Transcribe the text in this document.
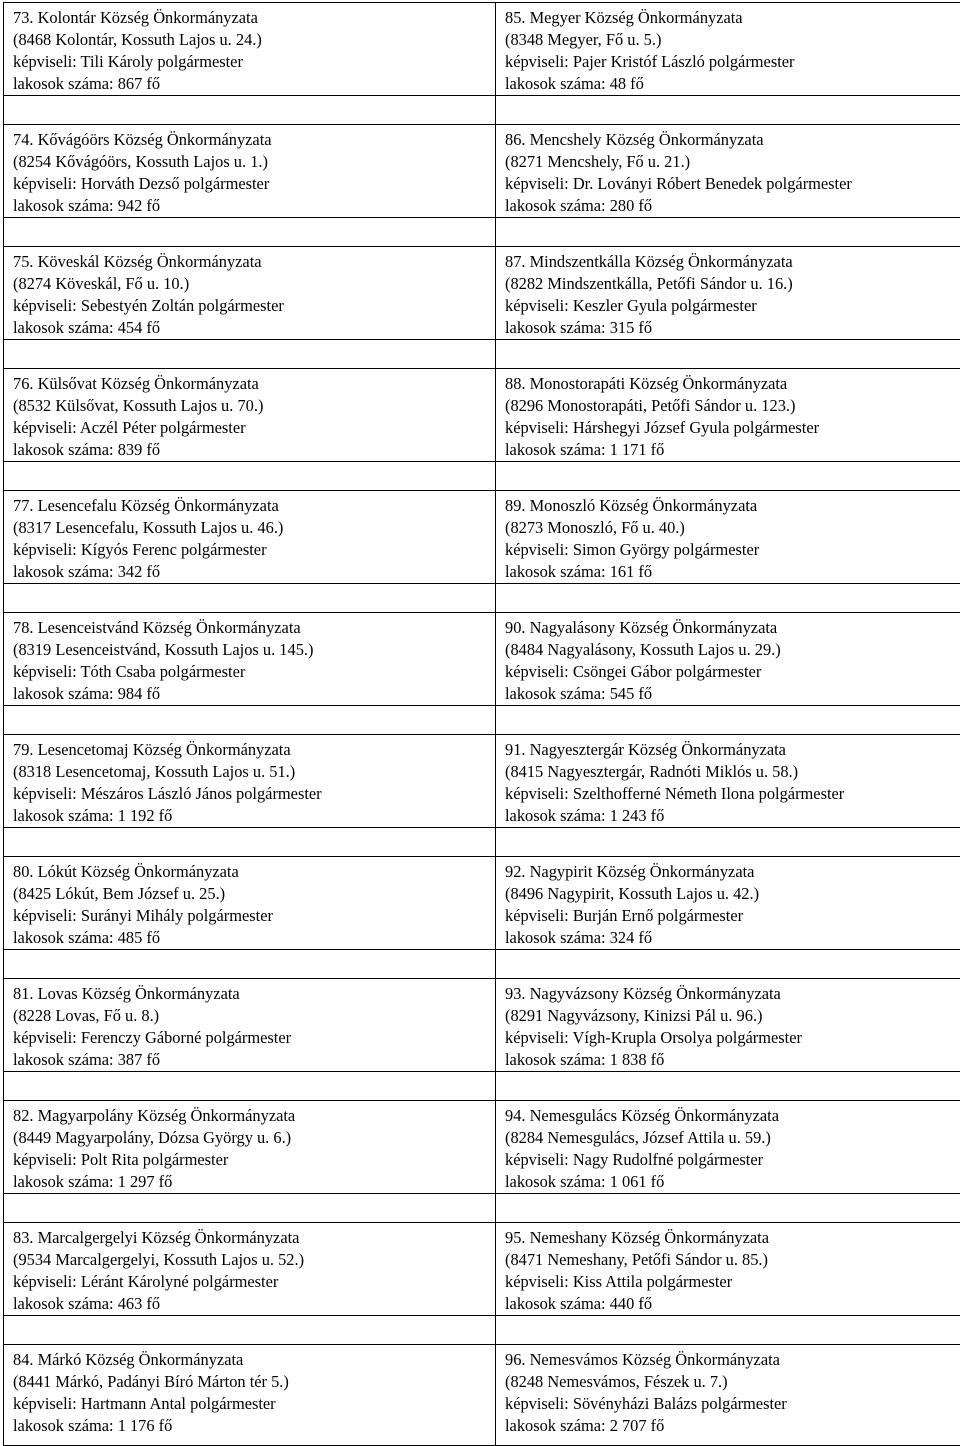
73. Kolontár Község Önkormányzata
(8468 Kolontár, Kossuth Lajos u. 24.)
képviseli: Tili Károly polgármester
lakosok száma: 867 fő	85. Megyer Község Önkormányzata
(8348 Megyer, Fő u. 5.)
képviseli: Pajer Kristóf László polgármester
lakosok száma: 48 fő

74. Kővágóörs Község Önkormányzata
(8254 Kővágóörs, Kossuth Lajos u. 1.)
képviseli: Horváth Dezső polgármester
lakosok száma: 942 fő	86. Mencshely Község Önkormányzata
(8271 Mencshely, Fő u. 21.)
képviseli: Dr. Loványi Róbert Benedek polgármester
lakosok száma: 280 fő

75. Köveskál Község Önkormányzata
(8274 Köveskál, Fő u. 10.)
képviseli: Sebestyén Zoltán polgármester
lakosok száma: 454 fő	87. Mindszentkálla Község Önkormányzata
(8282 Mindszentkálla, Petőfi Sándor u. 16.)
képviseli: Keszler Gyula polgármester
lakosok száma: 315 fő

76. Külsővat Község Önkormányzata
(8532 Külsővat, Kossuth Lajos u. 70.)
képviseli: Aczél Péter polgármester
lakosok száma: 839 fő	88. Monostorapáti Község Önkormányzata
(8296 Monostorapáti, Petőfi Sándor u. 123.)
képviseli: Hárshegyi József Gyula polgármester
lakosok száma: 1 171 fő

77. Lesencefalu Község Önkormányzata
(8317 Lesencefalu, Kossuth Lajos u. 46.)
képviseli: Kígyós Ferenc polgármester
lakosok száma: 342 fő	89. Monoszló Község Önkormányzata
(8273 Monoszló, Fő u. 40.)
képviseli: Simon György polgármester
lakosok száma: 161 fő

78. Lesenceistvánd Község Önkormányzata
(8319 Lesenceistvánd, Kossuth Lajos u. 145.)
képviseli: Tóth Csaba polgármester
lakosok száma: 984 fő	90. Nagyalásony Község Önkormányzata
(8484 Nagyalásony, Kossuth Lajos u. 29.)
képviseli: Csöngei Gábor polgármester
lakosok száma: 545 fő

79. Lesencetomaj Község Önkormányzata
(8318 Lesencetomaj, Kossuth Lajos u. 51.)
képviseli: Mészáros László János polgármester
lakosok száma: 1 192 fő	91. Nagyesztergár Község Önkormányzata
(8415 Nagyesztergár, Radnóti Miklós u. 58.)
képviseli: Szelthofferné Németh Ilona polgármester
lakosok száma: 1 243 fő

80. Lókút Község Önkormányzata
(8425 Lókút, Bem József u. 25.)
képviseli: Surányi Mihály polgármester
lakosok száma: 485 fő	92. Nagypirit Község Önkormányzata
(8496 Nagypirit, Kossuth Lajos u. 42.)
képviseli: Burján Ernő polgármester
lakosok száma: 324 fő

81. Lovas Község Önkormányzata
(8228 Lovas, Fő u. 8.)
képviseli: Ferenczy Gáborné polgármester
lakosok száma: 387 fő	93. Nagyvázsony Község Önkormányzata
(8291 Nagyvázsony, Kinizsi Pál u. 96.)
képviseli: Vígh-Krupla Orsolya polgármester
lakosok száma: 1 838 fő

82. Magyarpolány Község Önkormányzata
(8449 Magyarpolány, Dózsa György u. 6.)
képviseli: Polt Rita polgármester
lakosok száma: 1 297 fő	94. Nemesgulács Község Önkormányzata
(8284 Nemesgulács, József Attila u. 59.)
képviseli: Nagy Rudolfné polgármester
lakosok száma: 1 061 fő

83. Marcalgergelyi Község Önkormányzata
(9534 Marcalgergelyi, Kossuth Lajos u. 52.)
képviseli: Léránt Károlyné polgármester
lakosok száma: 463 fő	95. Nemeshany Község Önkormányzata
(8471 Nemeshany, Petőfi Sándor u. 85.)
képviseli: Kiss Attila polgármester
lakosok száma: 440 fő

84. Márkó Község Önkormányzata
(8441 Márkó, Padányi Bíró Márton tér 5.)
képviseli: Hartmann Antal polgármester
lakosok száma: 1 176 fő	96. Nemesvámos Község Önkormányzata
(8248 Nemesvámos, Fészek u. 7.)
képviseli: Sövényházi Balázs polgármester
lakosok száma: 2 707 fő
